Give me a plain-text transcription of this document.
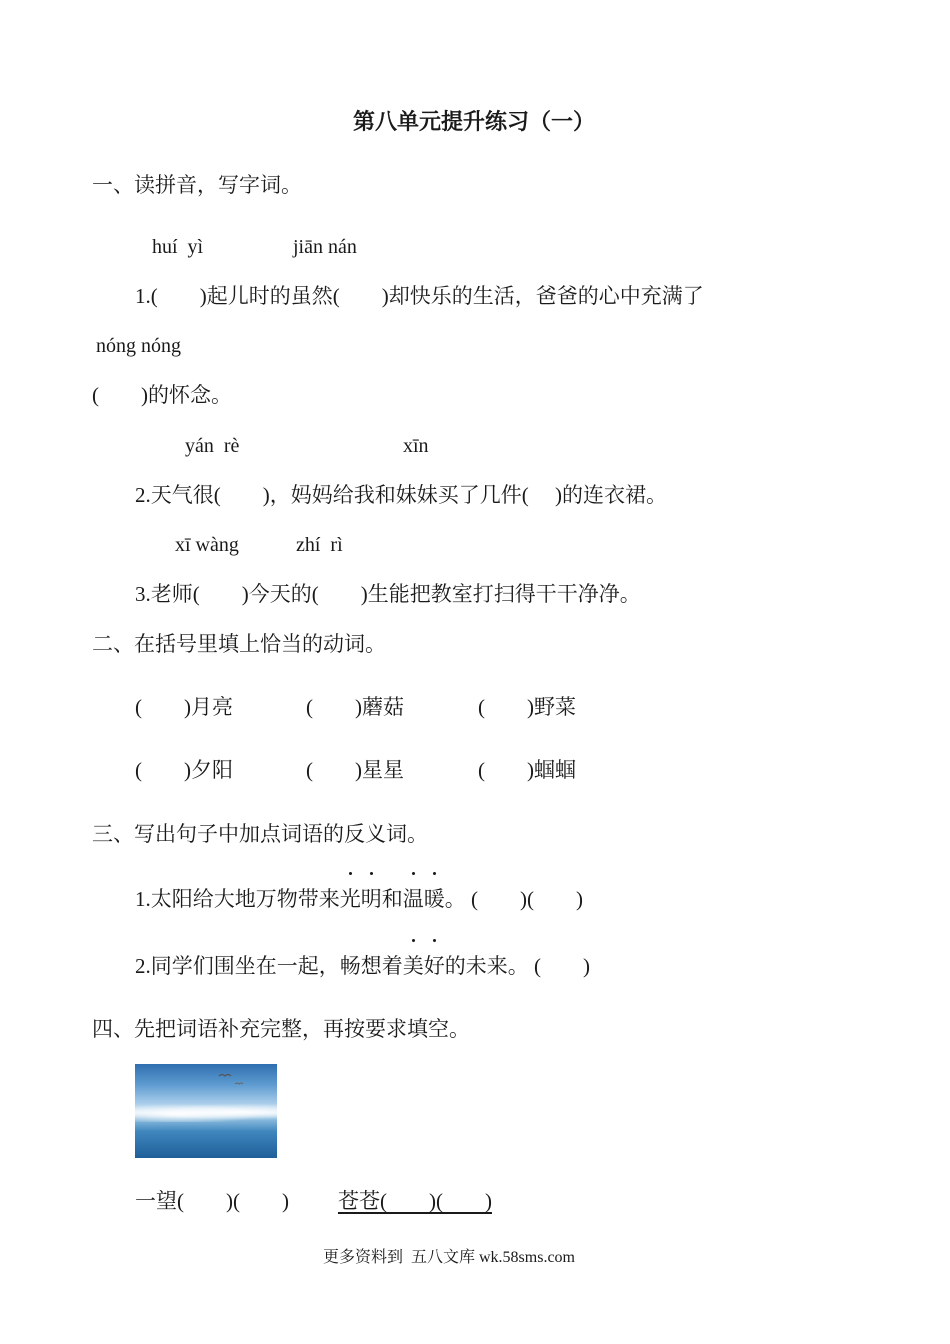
第八单元提升练习（一）
一、读拼音，写字词。
huí  yì	jiān nán
1.(        )起儿时的虽然(        )却快乐的生活，爸爸的心中充满了
nóng nóng
(        )的怀念。
yán  rè	xīn
2.天气很(        )，妈妈给我和妹妹买了几件(     )的连衣裙。
xī wàng	zhí  rì
3.老师(        )今天的(        )生能把教室打扫得干干净净。
二、在括号里填上恰当的动词。
(        )月亮	(        )蘑菇	(        )野菜
(        )夕阳	(        )星星	(        )蝈蝈
三、写出句子中加点词语的反义词。
1.太阳给大地万物带来光明和温暖。 (        )(        )
2.同学们围坐在一起，畅想着美好的未来。 (        )
四、先把词语补充完整，再按要求填空。
一望(        )(        ) 苍苍(        )(        )
更多资料到  五八文库 wk.58sms.com
